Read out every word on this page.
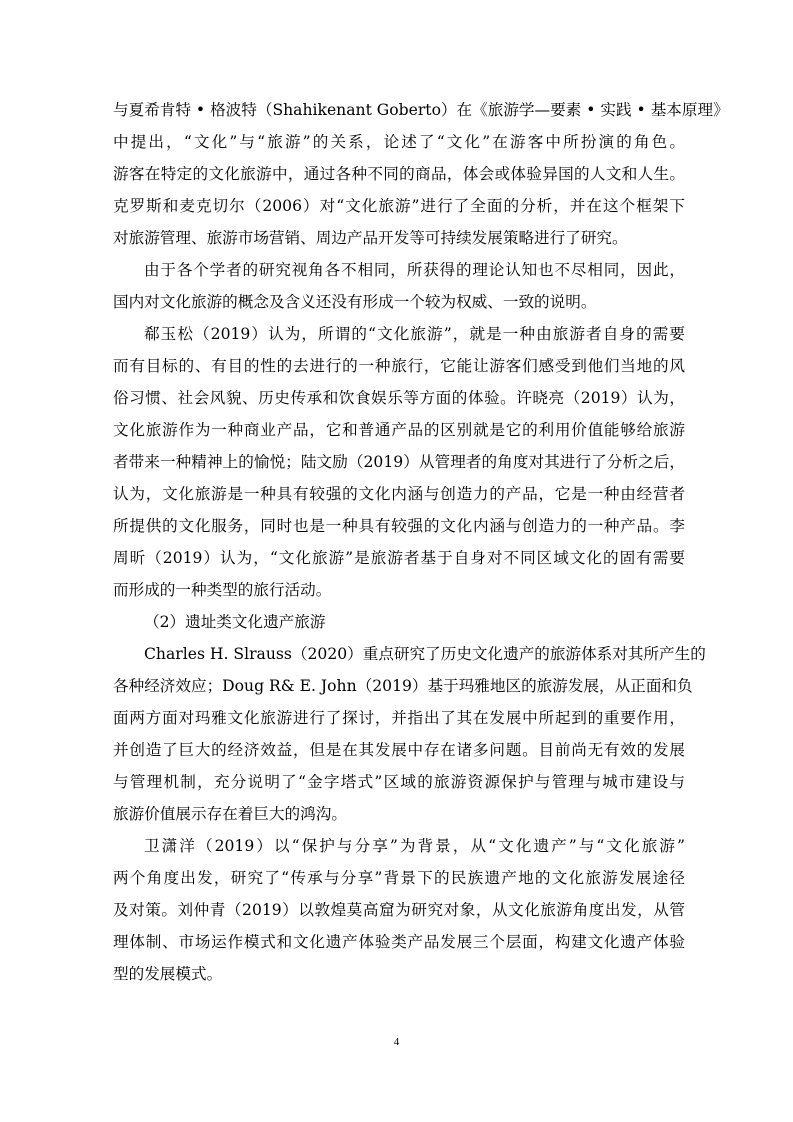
与夏希肯特 • 格波特（Shahikenant Goberto）在《旅游学—要素 • 实践 • 基本原理》
中提出，“文化”与“旅游”的关系，论述了“文化”在游客中所扮演的角色。
游客在特定的文化旅游中，通过各种不同的商品，体会或体验异国的人文和人生。
克罗斯和麦克切尔（2006）对“文化旅游”进行了全面的分析，并在这个框架下
对旅游管理、旅游市场营销、周边产品开发等可持续发展策略进行了研究。
由于各个学者的研究视角各不相同，所获得的理论认知也不尽相同，因此，
国内对文化旅游的概念及含义还没有形成一个较为权威、一致的说明。
郗玉松（2019）认为，所谓的“文化旅游”，就是一种由旅游者自身的需要
而有目标的、有目的性的去进行的一种旅行，它能让游客们感受到他们当地的风
俗习惯、社会风貌、历史传承和饮食娱乐等方面的体验。许晓亮（2019）认为，
文化旅游作为一种商业产品，它和普通产品的区别就是它的利用价值能够给旅游
者带来一种精神上的愉悦；陆文励（2019）从管理者的角度对其进行了分析之后，
认为，文化旅游是一种具有较强的文化内涵与创造力的产品，它是一种由经营者
所提供的文化服务，同时也是一种具有较强的文化内涵与创造力的一种产品。李
周昕（2019）认为，“文化旅游”是旅游者基于自身对不同区域文化的固有需要
而形成的一种类型的旅行活动。
（2）遗址类文化遗产旅游
Charles H. Slrauss（2020）重点研究了历史文化遗产的旅游体系对其所产生的
各种经济效应；Doug R& E. John（2019）基于玛雅地区的旅游发展，从正面和负
面两方面对玛雅文化旅游进行了探讨，并指出了其在发展中所起到的重要作用，
并创造了巨大的经济效益，但是在其发展中存在诸多问题。目前尚无有效的发展
与管理机制，充分说明了“金字塔式”区域的旅游资源保护与管理与城市建设与
旅游价值展示存在着巨大的鸿沟。
卫潇洋（2019）以“保护与分享”为背景，从“文化遗产”与“文化旅游”
两个角度出发，研究了“传承与分享”背景下的民族遗产地的文化旅游发展途径
及对策。刘仲青（2019）以敦煌莫高窟为研究对象，从文化旅游角度出发，从管
理体制、市场运作模式和文化遗产体验类产品发展三个层面，构建文化遗产体验
型的发展模式。
4
